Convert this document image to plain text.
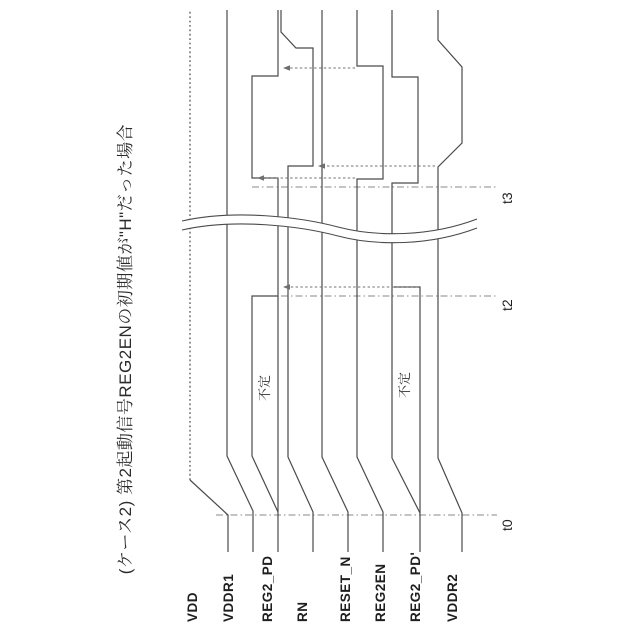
(ケース2) 第2起動信号REG2ENの初期値が"H"だった場合	t0
t2
t3
VDD VDDR1 REG2_PD
不定
RN RESET_N REG2EN REG2_PD'
不定
VDDR2
